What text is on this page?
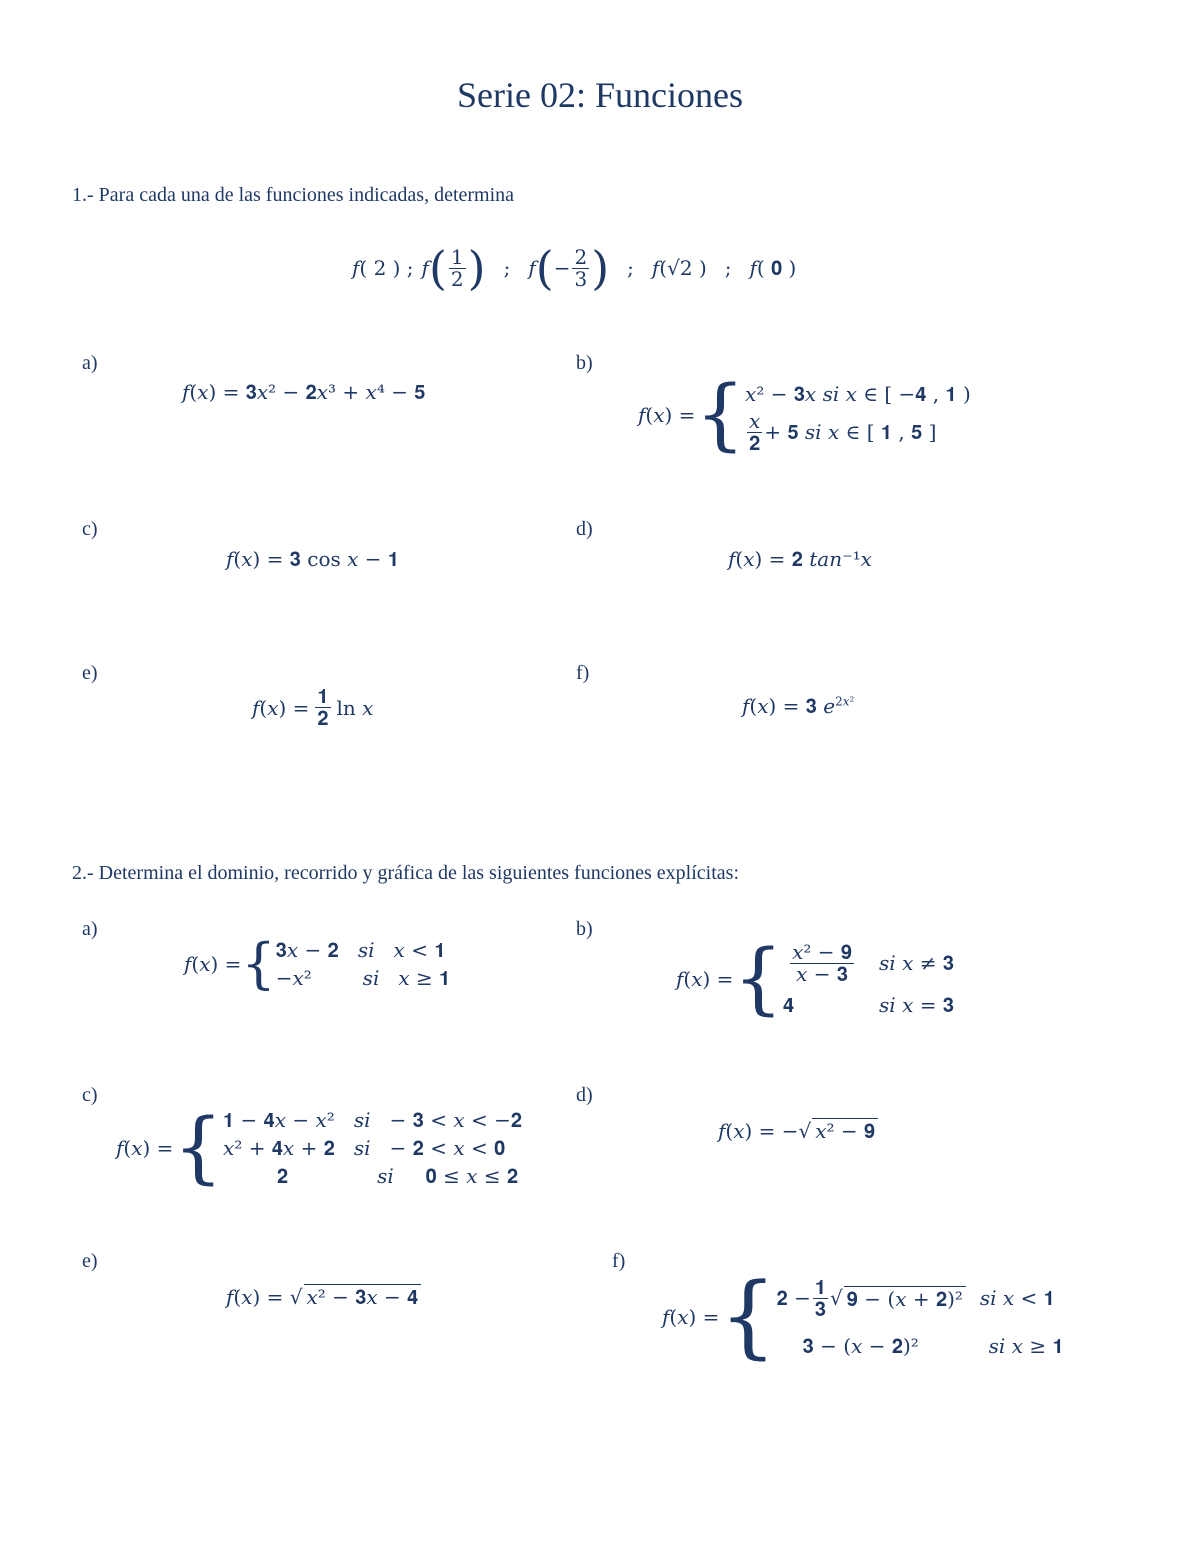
Serie 02: Funciones
1.- Para cada una de las funciones indicadas, determina
𝑓( 2 ) ; 𝑓 ( $\frac{1}{2}$ ) ; 𝑓 ( − $\frac{2}{3}$ ) ; 𝑓(√2 ) ; 𝑓( 𝟎 )
a)
𝑓(𝑥) = 𝟑𝑥² − 𝟐𝑥³ + 𝑥⁴ − 𝟓
b)
𝑓(𝑥) = { 𝑥² − 𝟑𝑥 𝑠𝑖 𝑥 ∈ [ −𝟒 , 𝟏 )
$\frac{\text{𝑥}}{𝟐}$ + 𝟓 𝑠𝑖 𝑥 ∈ [ 𝟏 , 𝟓 ]
c)
𝑓(𝑥) = 𝟑 cos 𝑥 − 𝟏
d)
𝑓(𝑥) = 𝟐 𝑡𝑎𝑛⁻¹𝑥
e)
𝑓(𝑥) = $\frac{𝟏}{𝟐}$ ln 𝑥
f)
𝑓(𝑥) = 𝟑 𝑒$^{2𝑥^2}$
2.- Determina el dominio, recorrido y gráfica de las siguientes funciones explícitas:
a)
𝑓(𝑥) = { 𝟑𝑥 − 𝟐   𝑠𝑖   𝑥 < 𝟏
−𝑥²        𝑠𝑖   𝑥 ≥ 𝟏
b)
𝑓(𝑥) = { $\frac{\text{𝑥² − 𝟗}}{\text{𝑥 − 𝟑}}$ 𝑠𝑖 𝑥 ≠ 𝟑
𝟒	𝑠𝑖 𝑥 = 𝟑
c)
𝑓(𝑥) = { 𝟏 − 𝟒𝑥 − 𝑥²   𝑠𝑖   − 𝟑 < 𝑥 < −𝟐
𝑥² + 𝟒𝑥 + 𝟐   𝑠𝑖   − 𝟐 < 𝑥 < 𝟎
𝟐              𝑠𝑖     𝟎 ≤ 𝑥 ≤ 𝟐
d)
𝑓(𝑥) = −√ 𝑥² − 𝟗
e)
𝑓(𝑥) = √ 𝑥² − 𝟑𝑥 − 𝟒
f)
𝑓(𝑥) = { 𝟐 − $\frac{𝟏}{𝟑}$ √ 𝟗 − (𝑥 + 𝟐)² 𝑠𝑖 𝑥 < 𝟏
𝟑 − (𝑥 − 𝟐)²	𝑠𝑖 𝑥 ≥ 𝟏
